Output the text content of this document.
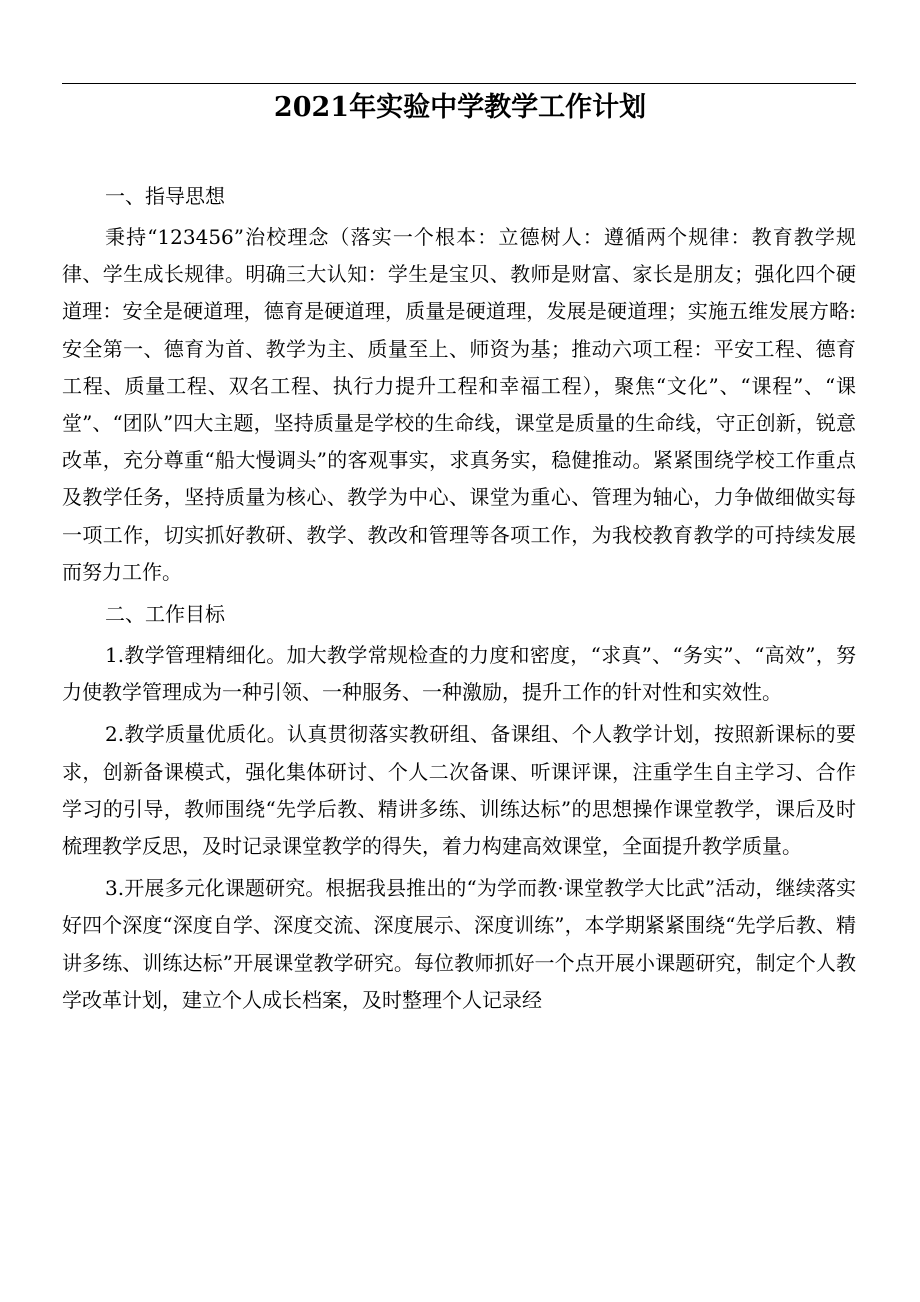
2021年实验中学教学工作计划

一、指导思想

秉持“123456”治校理念（落实一个根本：立德树人：遵循两个规律：教育教学规律、学生成长规律。明确三大认知：学生是宝贝、教师是财富、家长是朋友；强化四个硬道理：安全是硬道理，德育是硬道理，质量是硬道理，发展是硬道理；实施五维发展方略:安全第一、德育为首、教学为主、质量至上、师资为基；推动六项工程：平安工程、德育工程、质量工程、双名工程、执行力提升工程和幸福工程），聚焦“文化”、“课程”、“课堂”、“团队”四大主题，坚持质量是学校的生命线，课堂是质量的生命线，守正创新，锐意改革，充分尊重“船大慢调头”的客观事实，求真务实，稳健推动。紧紧围绕学校工作重点及教学任务，坚持质量为核心、教学为中心、课堂为重心、管理为轴心，力争做细做实每一项工作，切实抓好教研、教学、教改和管理等各项工作，为我校教育教学的可持续发展而努力工作。

二、工作目标

1.教学管理精细化。加大教学常规检查的力度和密度，“求真”、“务实”、“高效”，努力使教学管理成为一种引领、一种服务、一种激励，提升工作的针对性和实效性。

2.教学质量优质化。认真贯彻落实教研组、备课组、个人教学计划，按照新课标的要求，创新备课模式，强化集体研讨、个人二次备课、听课评课，注重学生自主学习、合作学习的引导，教师围绕“先学后教、精讲多练、训练达标”的思想操作课堂教学，课后及时梳理教学反思，及时记录课堂教学的得失，着力构建高效课堂，全面提升教学质量。

3.开展多元化课题研究。根据我县推出的“为学而教·课堂教学大比武”活动，继续落实好四个深度“深度自学、深度交流、深度展示、深度训练”，本学期紧紧围绕“先学后教、精讲多练、训练达标”开展课堂教学研究。每位教师抓好一个点开展小课题研究，制定个人教学改革计划，建立个人成长档案，及时整理个人记录经
